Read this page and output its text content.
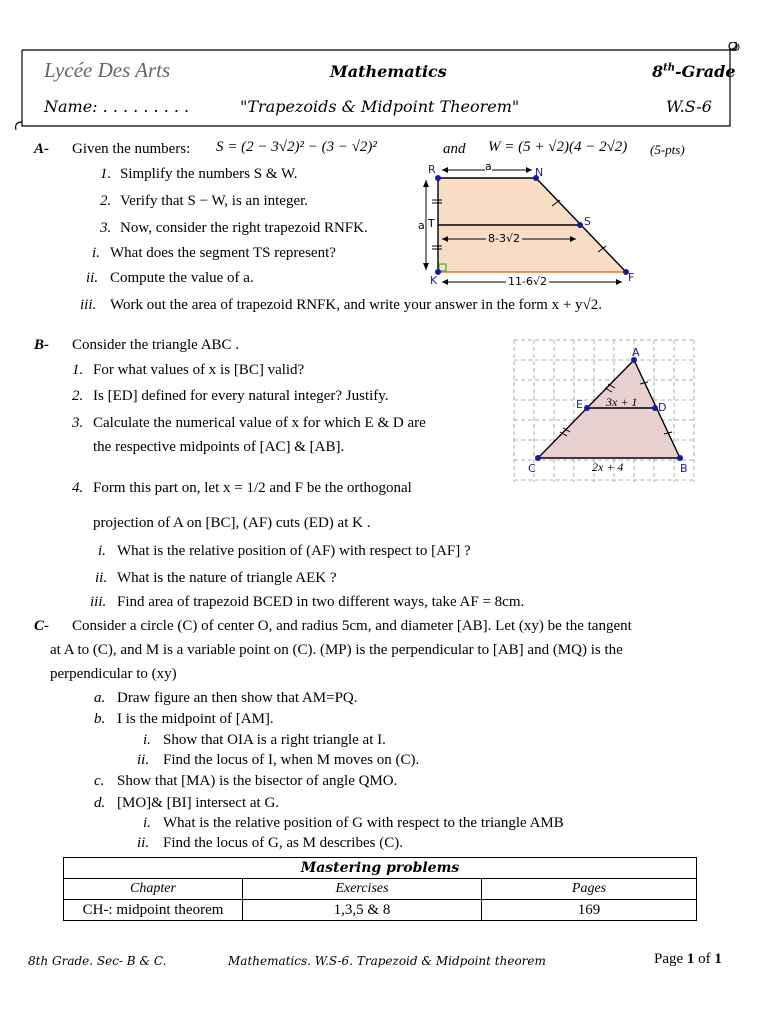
Lycée Des Arts	Mathematics	8th-Grade
Name: . . . . . . . . .	"Trapezoids & Midpoint Theorem"	W.S-6
A- Given the numbers: S = (2 − 3√2)² − (3 − √2)²	and W = (5 + √2)(4 − 2√2) (5-pts)
1. Simplify the numbers S & W.
2. Verify that S − W, is an integer.
3. Now, consider the right trapezoid RNFK.
i. What does the segment TS represent?
ii. Compute the value of a.
iii. Work out the area of trapezoid RNFK, and write your answer in the form x + y√2.
R	N
S
K	F
T
a
a
8-3√2
11-6√2
B- Consider the triangle ABC .
1. For what values of x is [BC] valid?
2. Is [ED] defined for every natural integer? Justify.
3. Calculate the numerical value of x for which E & D are
the respective midpoints of [AC] & [AB].
4. Form this part on, let x = 1/2 and F be the orthogonal
projection of A on [BC], (AF) cuts (ED) at K .
i. What is the relative position of (AF) with respect to [AF] ?
ii. What is the nature of triangle AEK ?
iii. Find area of trapezoid BCED in two different ways, take AF = 8cm.
A
B
C
D
E 3x + 1
2x + 4
C- Consider a circle (C) of center O, and radius 5cm, and diameter [AB]. Let (xy) be the tangent
at A to (C), and M is a variable point on (C). (MP) is the perpendicular to [AB] and (MQ) is the
perpendicular to (xy)
a. Draw figure an then show that AM=PQ.
b. I is the midpoint of [AM].
i. Show that OIA is a right triangle at I.
ii. Find the locus of I, when M moves on (C).
c. Show that [MA) is the bisector of angle QMO.
d. [MO]& [BI] intersect at G.
i. What is the relative position of G with respect to the triangle AMB
ii. Find the locus of G, as M describes (C).
Mastering problems		
Chapter	Exercises	Pages
CH-: midpoint theorem	1,3,5 & 8	169
8th Grade. Sec- B & C.	Mathematics. W.S-6. Trapezoid & Midpoint theorem	Page 1 of 1
